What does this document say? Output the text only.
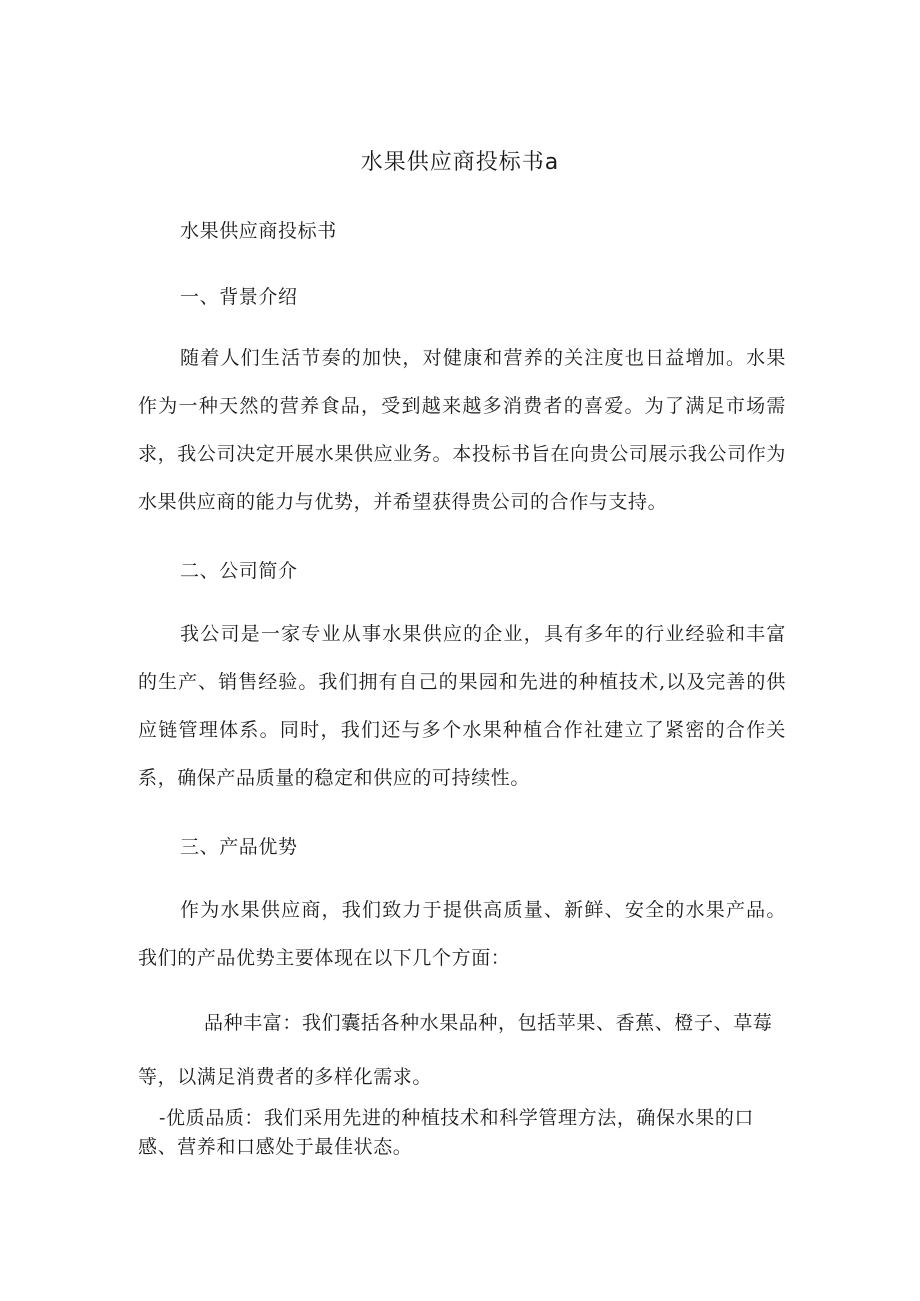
水果供应商投标书a

水果供应商投标书

一、背景介绍

随着人们生活节奏的加快，对健康和营养的关注度也日益增加。水果作为一种天然的营养食品，受到越来越多消费者的喜爱。为了满足市场需求，我公司决定开展水果供应业务。本投标书旨在向贵公司展示我公司作为水果供应商的能力与优势，并希望获得贵公司的合作与支持。

二、公司简介

我公司是一家专业从事水果供应的企业，具有多年的行业经验和丰富的生产、销售经验。我们拥有自己的果园和先进的种植技术,以及完善的供应链管理体系。同时，我们还与多个水果种植合作社建立了紧密的合作关系，确保产品质量的稳定和供应的可持续性。

三、产品优势

作为水果供应商，我们致力于提供高质量、新鲜、安全的水果产品。我们的产品优势主要体现在以下几个方面：

品种丰富：我们囊括各种水果品种，包括苹果、香蕉、橙子、草莓等，以满足消费者的多样化需求。

-优质品质：我们采用先进的种植技术和科学管理方法，确保水果的口感、营养和口感处于最佳状态。
